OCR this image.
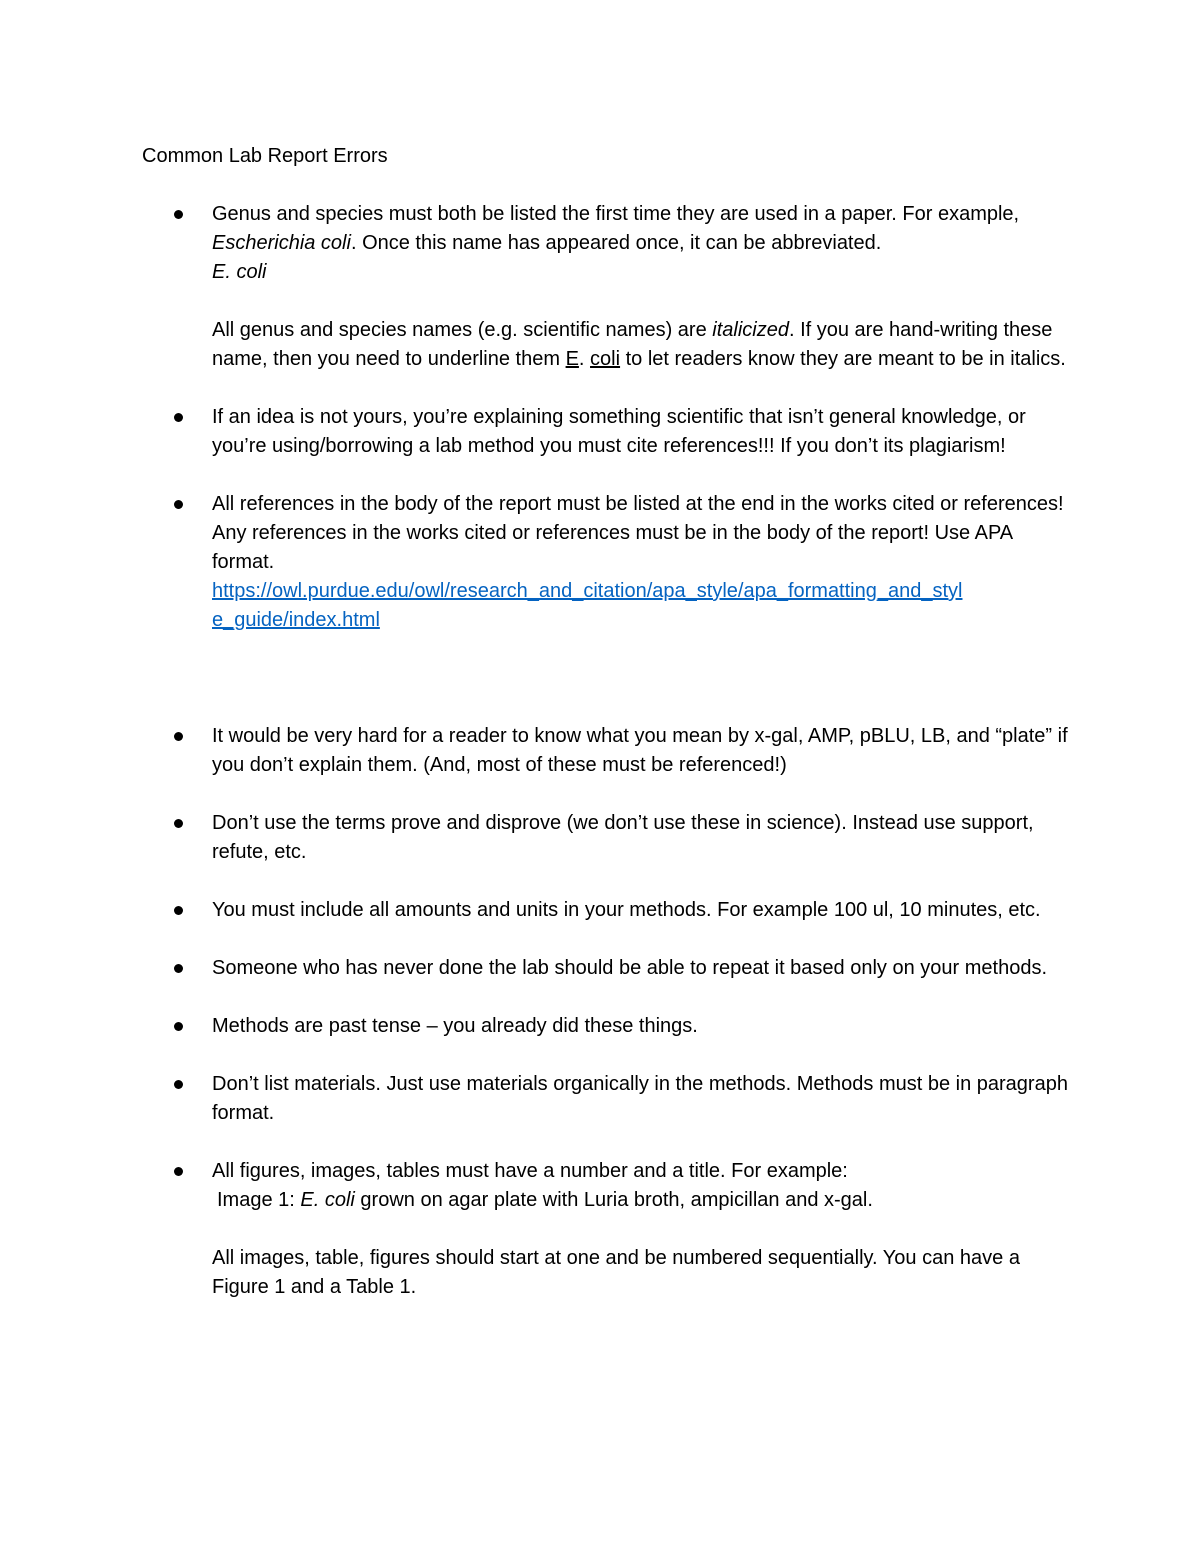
Common Lab Report Errors

Genus and species must both be listed the first time they are used in a paper. For example, Escherichia coli. Once this name has appeared once, it can be abbreviated.
E. coli

All genus and species names (e.g. scientific names) are italicized. If you are hand-writing these name, then you need to underline them E. coli to let readers know they are meant to be in italics.

If an idea is not yours, you’re explaining something scientific that isn’t general knowledge, or you’re using/borrowing a lab method you must cite references!!! If you don’t its plagiarism!

All references in the body of the report must be listed at the end in the works cited or references! Any references in the works cited or references must be in the body of the report! Use APA format.
https://owl.purdue.edu/owl/research_and_citation/apa_style/apa_formatting_and_styl
e_guide/index.html

It would be very hard for a reader to know what you mean by x-gal, AMP, pBLU, LB, and “plate” if you don’t explain them. (And, most of these must be referenced!)

Don’t use the terms prove and disprove (we don’t use these in science). Instead use support, refute, etc.

You must include all amounts and units in your methods. For example 100 ul, 10 minutes, etc.

Someone who has never done the lab should be able to repeat it based only on your methods.

Methods are past tense – you already did these things.

Don’t list materials. Just use materials organically in the methods. Methods must be in paragraph format.

All figures, images, tables must have a number and a title. For example:
Image 1: E. coli grown on agar plate with Luria broth, ampicillan and x-gal.

All images, table, figures should start at one and be numbered sequentially. You can have a Figure 1 and a Table 1.
